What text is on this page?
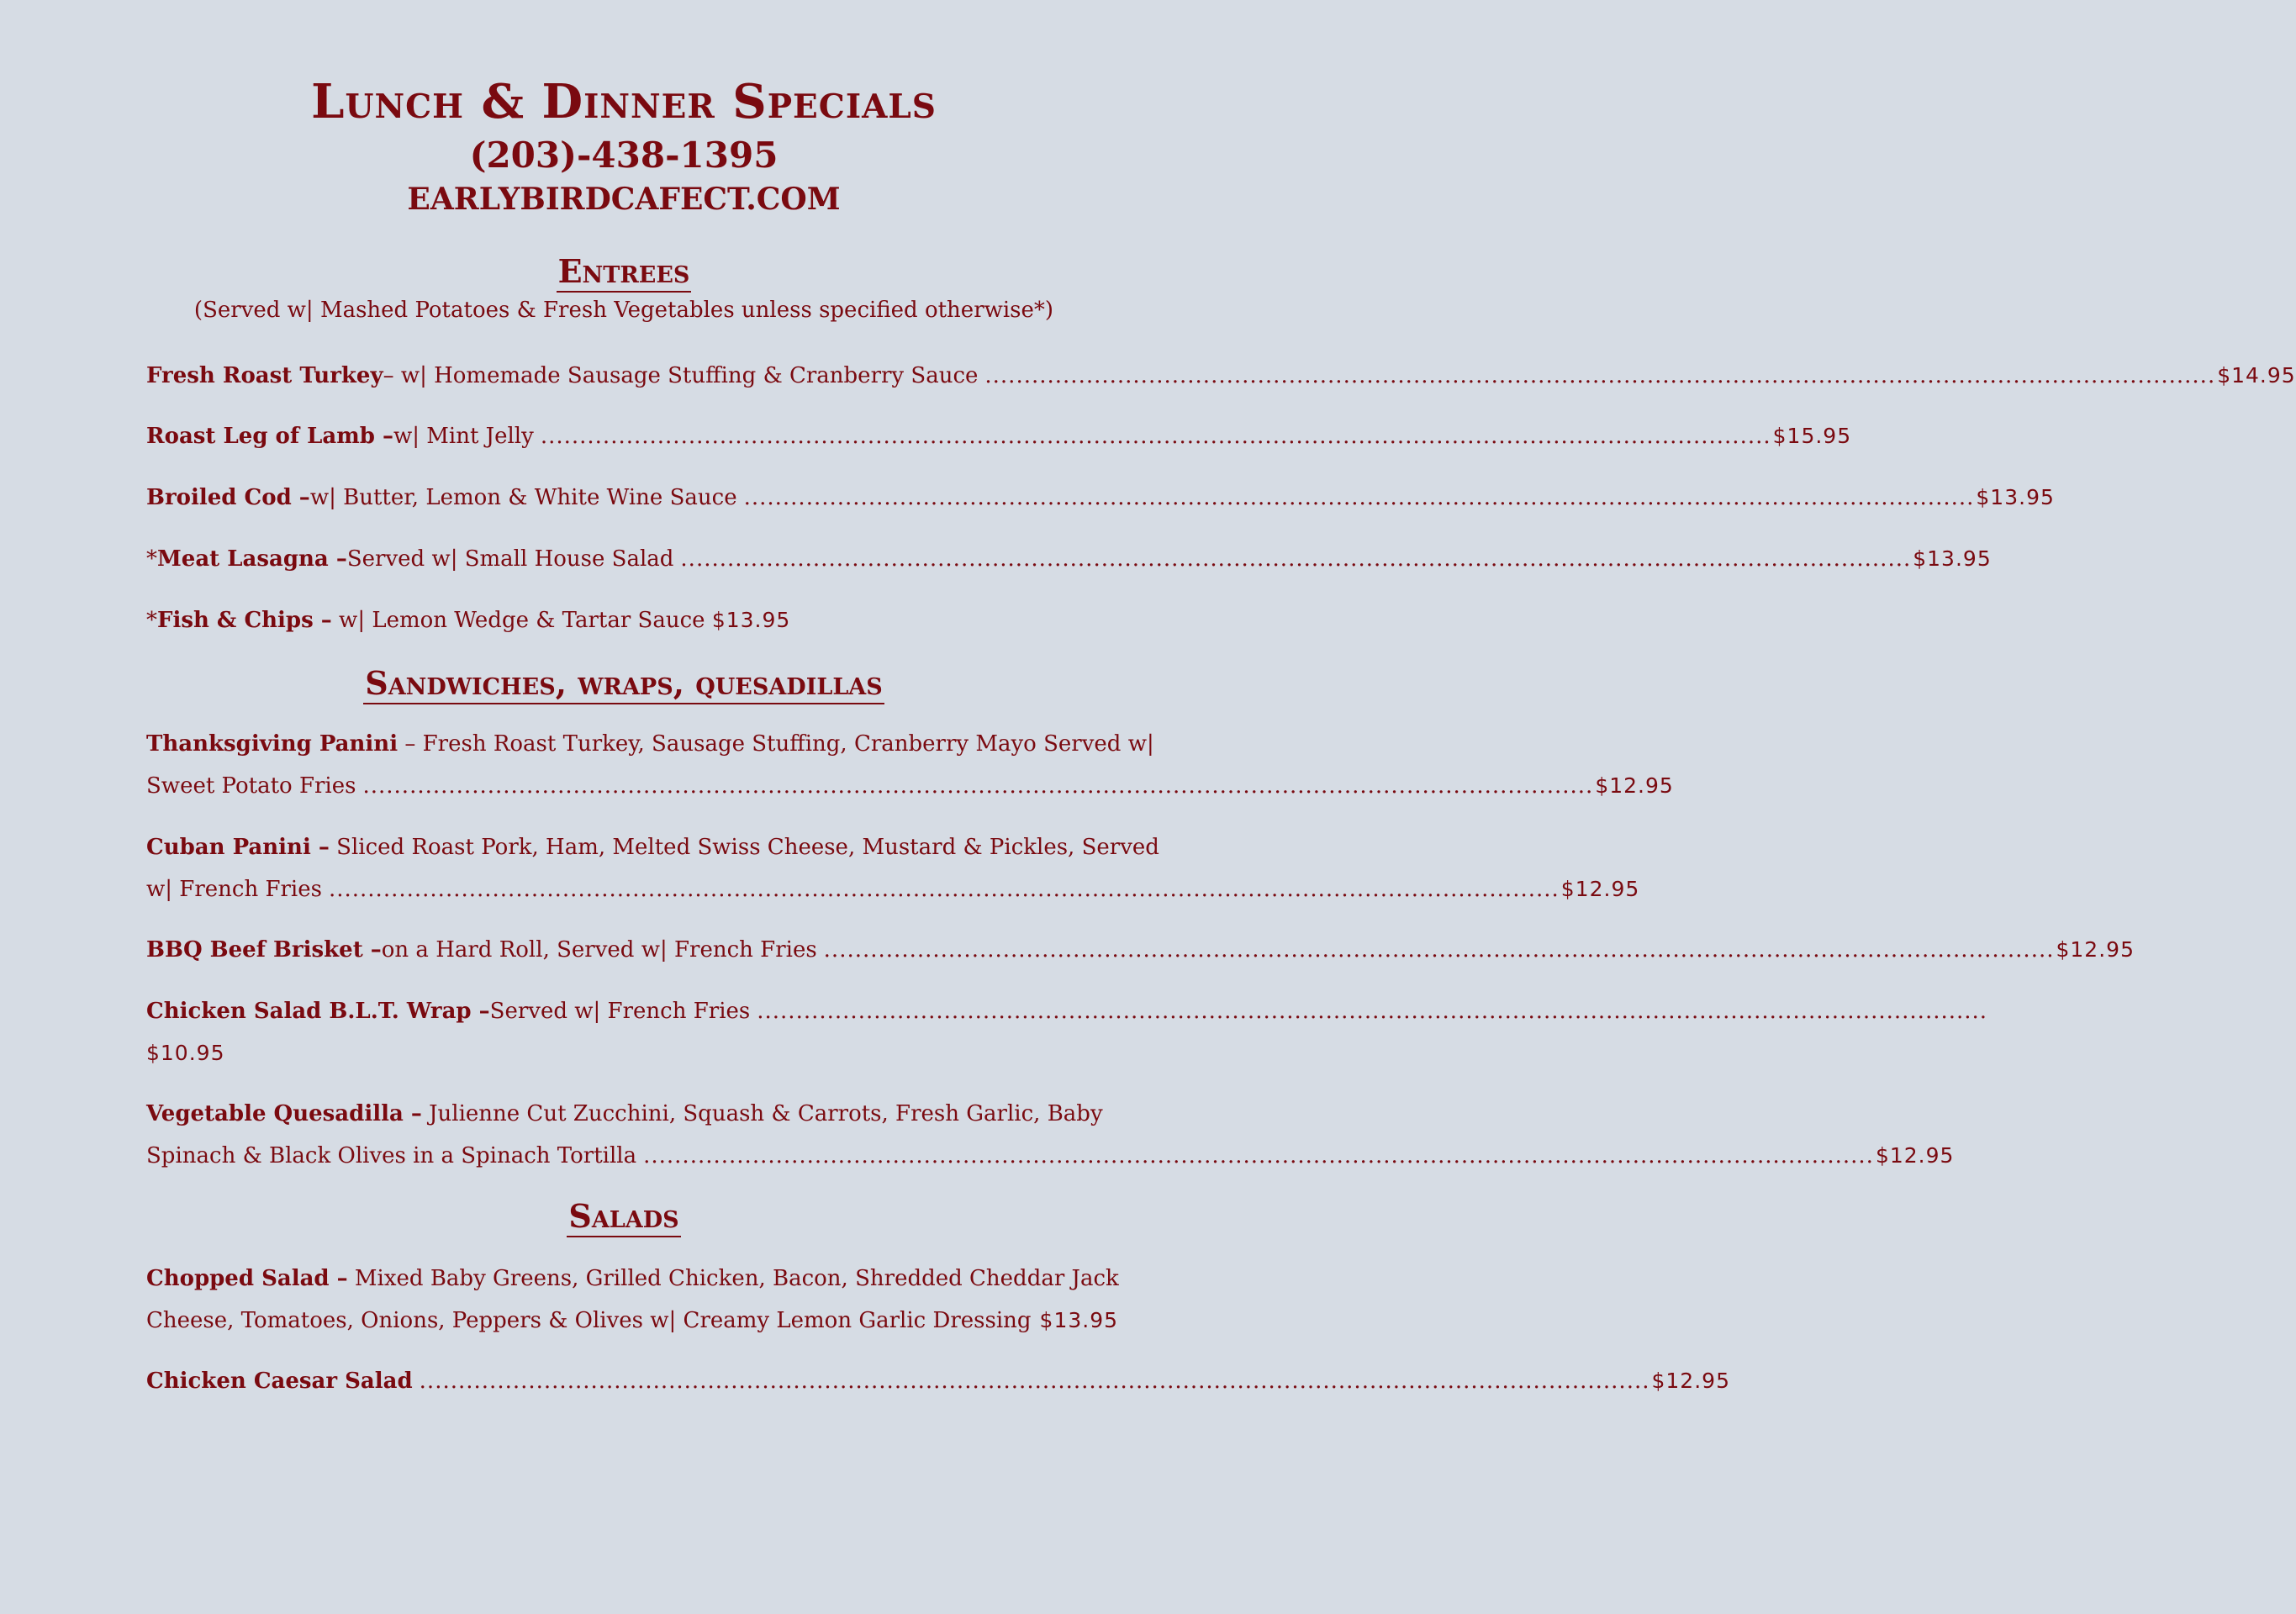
Lunch & Dinner Specials
(203)-438-1395
EARLYBIRDCAFECT.COM
Entrees

(Served w| Mashed Potatoes & Fresh Vegetables unless specified otherwise*)

Fresh Roast Turkey – w| Homemade Sausage Stuffing & Cranberry Sauce .............................................................................................................................................................. $14.95
Roast Leg of Lamb – w| Mint Jelly .............................................................................................................................................................. $15.95
Broiled Cod – w| Butter, Lemon & White Wine Sauce .............................................................................................................................................................. $13.95
* Meat Lasagna – Served w| Small House Salad .............................................................................................................................................................. $13.95
*Fish & Chips – w| Lemon Wedge & Tartar Sauce $13.95
Sandwiches, wraps, quesadillas
Thanksgiving Panini – Fresh Roast Turkey, Sausage Stuffing, Cranberry Mayo Served w|
Sweet Potato Fries .............................................................................................................................................................. $12.95
Cuban Panini – Sliced Roast Pork, Ham, Melted Swiss Cheese, Mustard & Pickles, Served
w| French Fries .............................................................................................................................................................. $12.95
BBQ Beef Brisket – on a Hard Roll, Served w| French Fries .............................................................................................................................................................. $12.95
Chicken Salad B.L.T. Wrap – Served w| French Fries ..............................................................................................................................................................
$10.95
Vegetable Quesadilla – Julienne Cut Zucchini, Squash & Carrots, Fresh Garlic, Baby
Spinach & Black Olives in a Spinach Tortilla .............................................................................................................................................................. $12.95
Salads
Chopped Salad – Mixed Baby Greens, Grilled Chicken, Bacon, Shredded Cheddar Jack
Cheese, Tomatoes, Onions, Peppers & Olives w| Creamy Lemon Garlic Dressing $13.95
Chicken Caesar Salad .............................................................................................................................................................. $12.95
